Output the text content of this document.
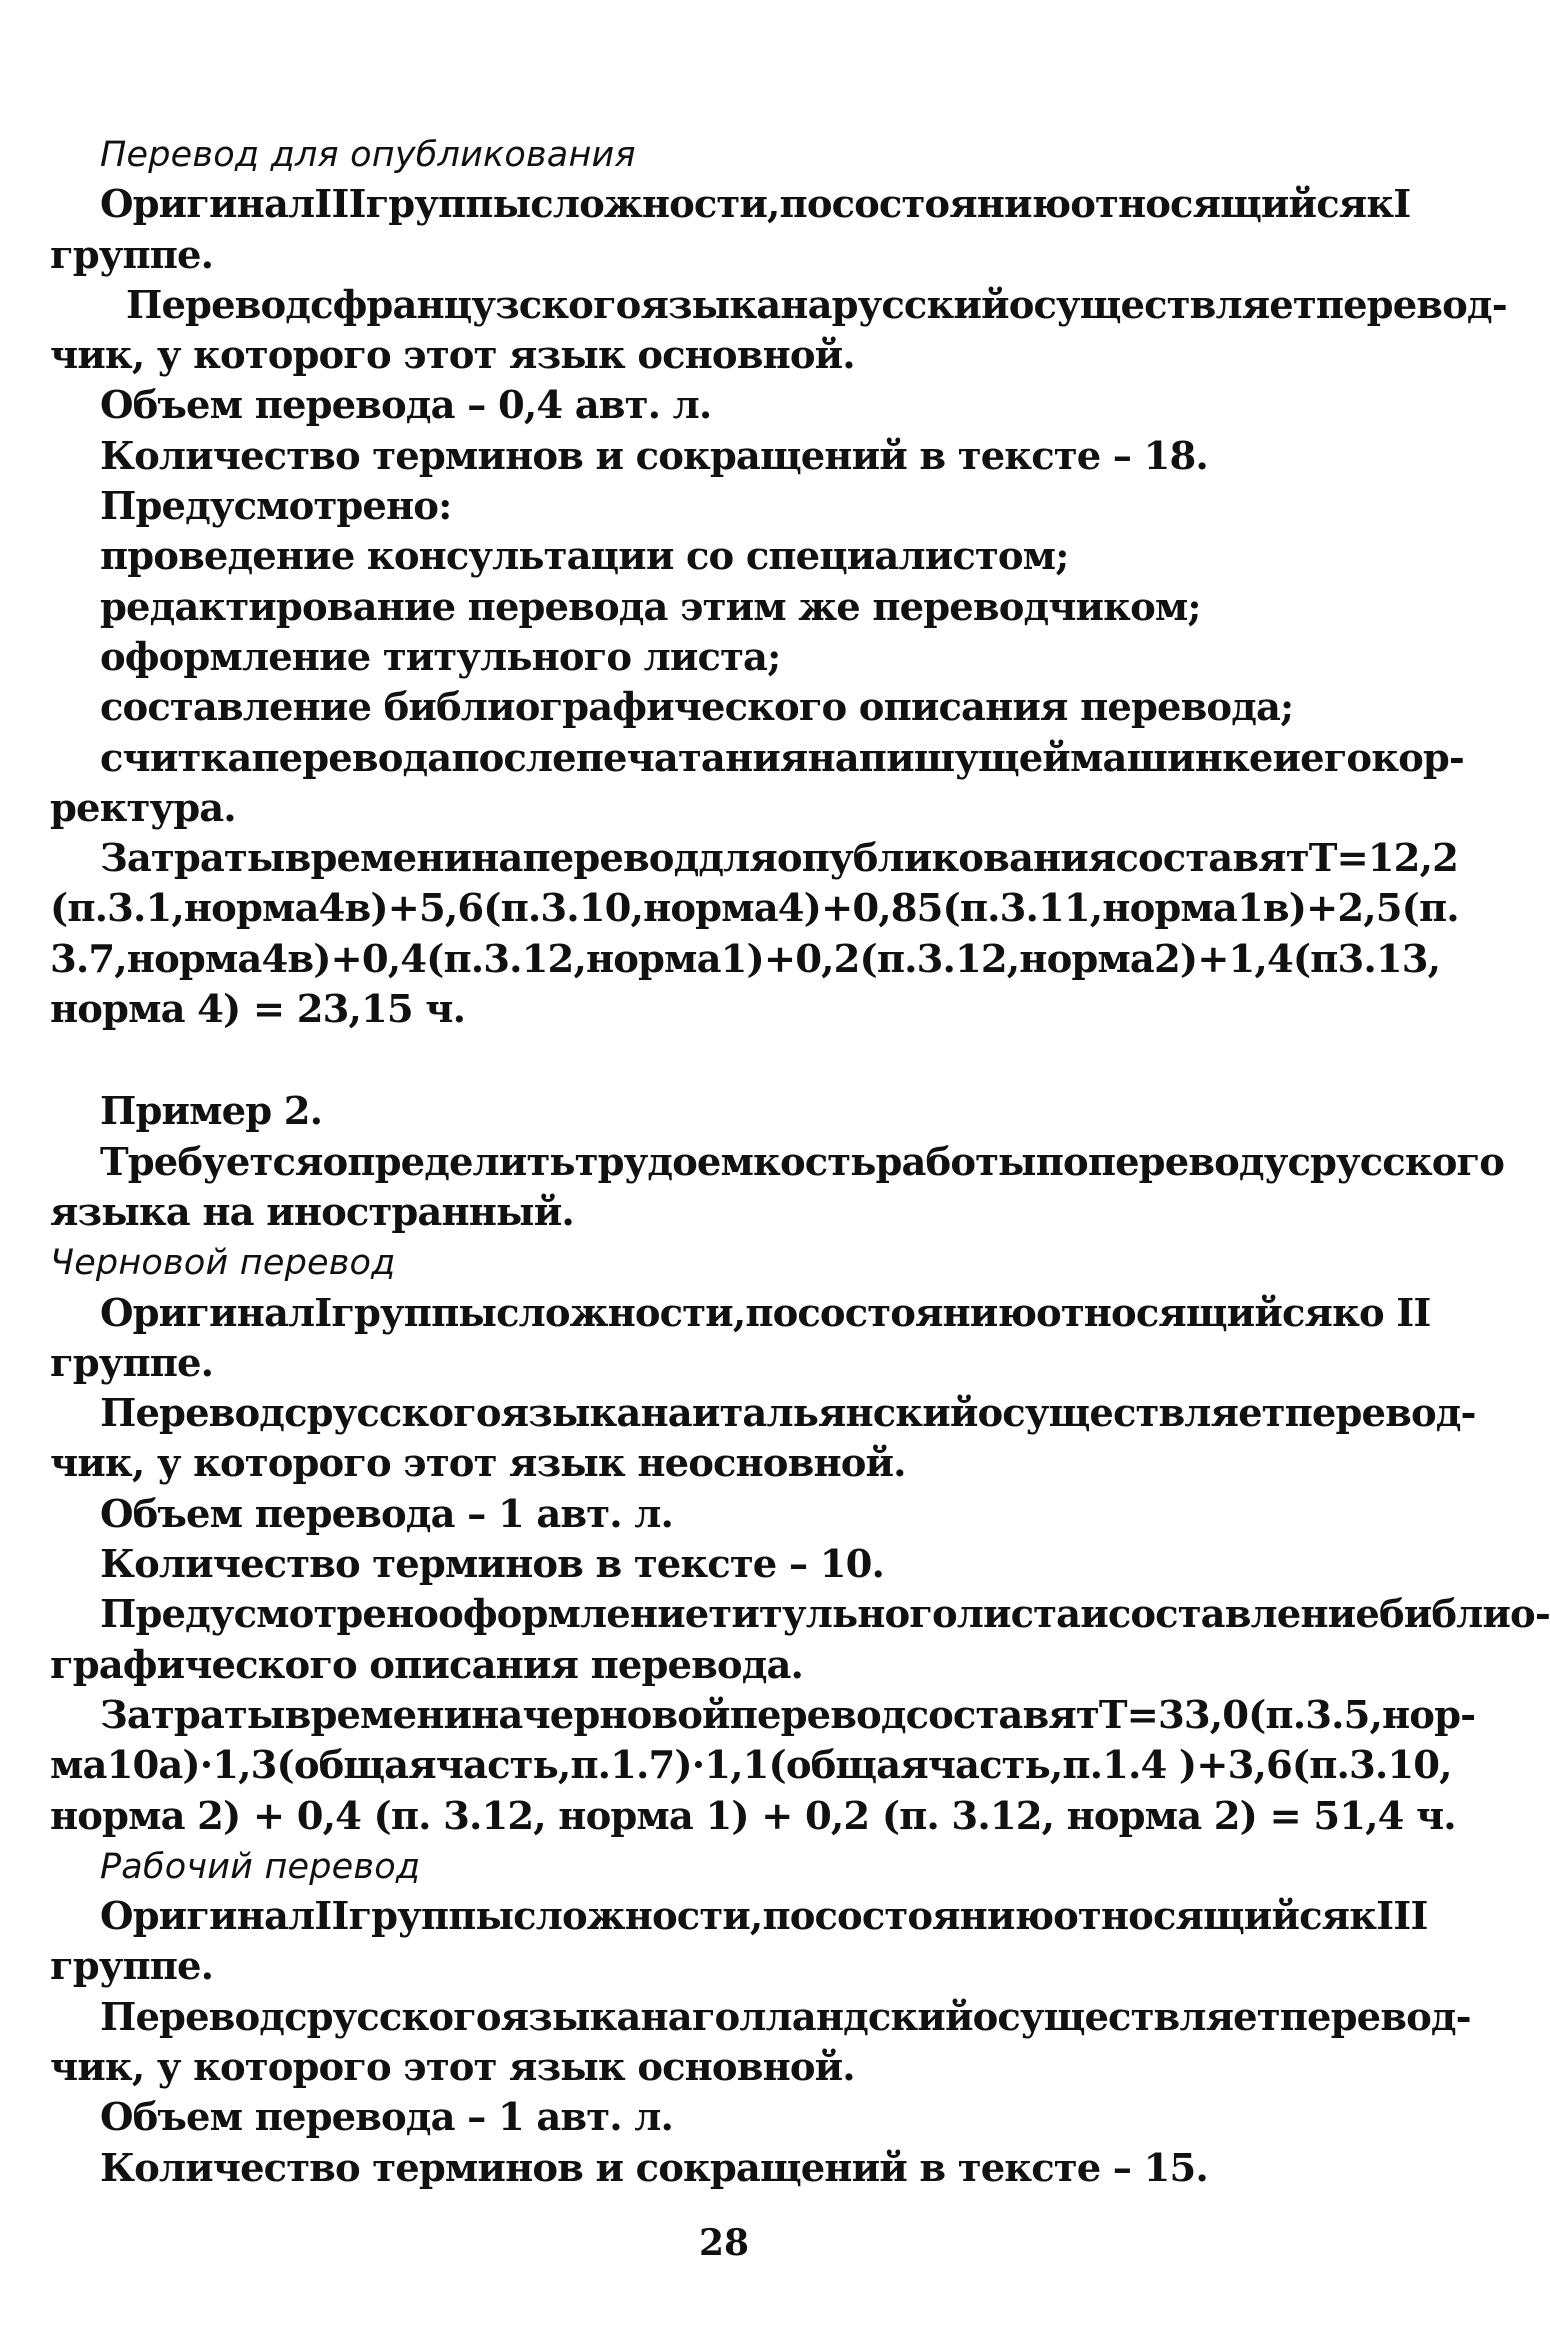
Перевод для опубликования
Оригинал III группы сложности, по состоянию относящийся к I
группе.
Перевод с французского языка на русский осуществляет перевод-
чик, у которого этот язык основной.
Объем перевода – 0,4 авт. л.
Количество терминов и сокращений в тексте – 18.
Предусмотрено:
проведение консультации со специалистом;
редактирование перевода этим же переводчиком;
оформление титульного листа;
составление библиографического описания перевода;
считка перевода после печатания на пишущей машинке и его кор-
ректура.
Затраты времени на перевод для опубликования составят T = 12,2
(п. 3.1, норма 4в) + 5,6 (п. 3.10, норма 4) + 0,85 (п. 3.11, норма 1в) + 2,5 (п.
3.7, норма 4в) + 0,4 (п. 3.12, норма 1) + 0,2 (п. 3.12, норма 2) + 1,4 (п 3.13,
норма 4) = 23,15 ч.
Пример 2.
Требуется определить трудоемкость работы по переводу с русского
языка на иностранный.
Черновой перевод
Оригинал I группы сложности, по состоянию относящийся ко II
группе.
Перевод с русского языка на итальянский осуществляет перевод-
чик, у которого этот язык неосновной.
Объем перевода – 1 авт. л.
Количество терминов в тексте – 10.
Предусмотрено оформление титульного листа и составление библио-
графического описания перевода.
Затраты времени на черновой перевод составят T = 33,0 (п. 3.5, нор-
ма 10а) · 1,3 (общая часть, п. 1.7) · 1,1 (общая часть, п. 1.4 ) + 3,6 (п. 3.10,
норма 2) + 0,4 (п. 3.12, норма 1) + 0,2 (п. 3.12, норма 2) = 51,4 ч.
Рабочий перевод
Оригинал II группы сложности, по состоянию относящийся к III
группе.
Перевод с русского языка на голландский осуществляет перевод-
чик, у которого этот язык основной.
Объем перевода – 1 авт. л.
Количество терминов и сокращений в тексте – 15.
28
